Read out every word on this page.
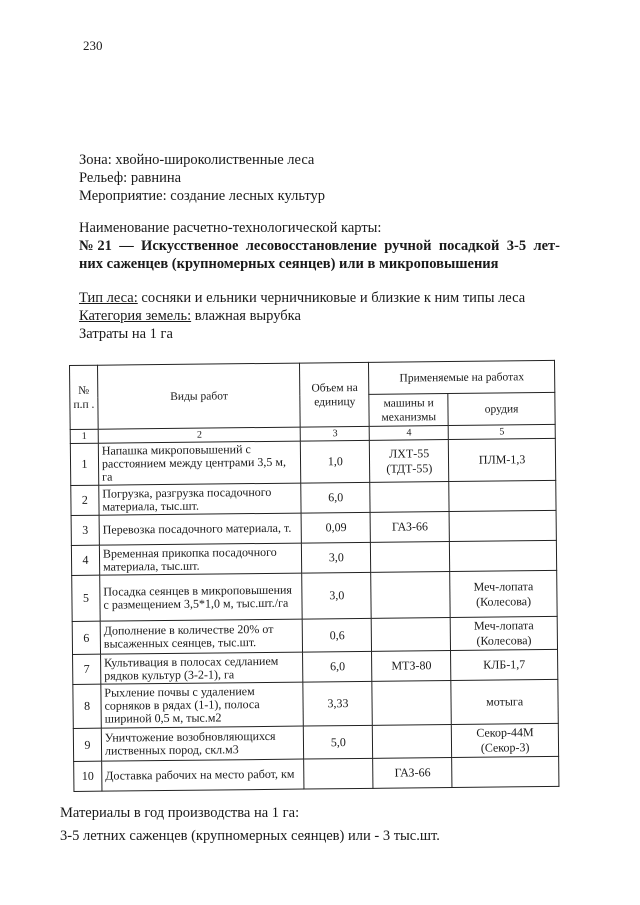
230
Зона: хвойно-широколиственные леса
Рельеф: равнина
Мероприятие: создание лесных культур
Наименование расчетно-технологической карты:
№21 — Искусственное лесовосстановление ручной посадкой 3-5 лет-
них саженцев (крупномерных сеянцев) или в микроповышения
Тип леса: сосняки и ельники черничниковые и близкие к ним типы леса
Категория земель: влажная вырубка
Затраты на 1 га
№ п.п .	Виды работ	Объем на единицу	Применяемые на работах	
			машины и механизмы	орудия
1	2	3	4	5
1	Напашка микроповышений с расстоянием между центрами 3,5 м, га	1,0	ЛХТ-55 (ТДТ-55)	ПЛМ-1,3
2	Погрузка, разгрузка посадочного материала, тыс.шт.	6,0		
3	Перевозка посадочного материала, т.	0,09	ГАЗ-66	
4	Временная прикопка посадочного материала, тыс.шт.	3,0		
5	Посадка сеянцев в микроповышения с размещением 3,5*1,0 м, тыс.шт./га	3,0		Меч-лопата (Колесова)
6	Дополнение в количестве 20% от высаженных сеянцев, тыс.шт.	0,6		Меч-лопата (Колесова)
7	Культивация в полосах седланием рядков культур (3-2-1), га	6,0	МТЗ-80	КЛБ-1,7
8	Рыхление почвы с удалением сорняков в рядах (1-1), полоса шириной 0,5 м, тыс.м2	3,33		мотыга
9	Уничтожение возобновляющихся лиственных пород, скл.м3	5,0		Секор-44М (Секор-3)
10	Доставка рабочих на место работ, км		ГАЗ-66	
Материалы в год производства на 1 га:
3-5 летних саженцев (крупномерных сеянцев) или - 3 тыс.шт.
